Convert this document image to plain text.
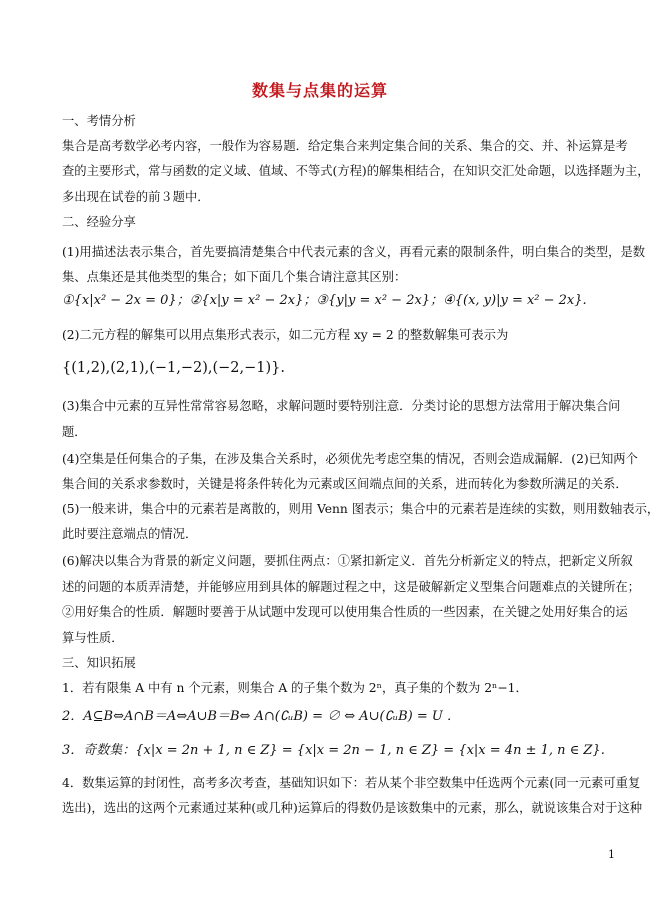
数集与点集的运算
一、考情分析
集合是高考数学必考内容，一般作为容易题．给定集合来判定集合间的关系、集合的交、并、补运算是考
查的主要形式，常与函数的定义域、值域、不等式(方程)的解集相结合，在知识交汇处命题，以选择题为主，
多出现在试卷的前３题中．
二、经验分享
(1)用描述法表示集合，首先要搞清楚集合中代表元素的含义，再看元素的限制条件，明白集合的类型，是数
集、点集还是其他类型的集合；如下面几个集合请注意其区别：
①{x|x² − 2x = 0}；②{x|y = x² − 2x}；③{y|y = x² − 2x}；④{(x, y)|y = x² − 2x}.
(2)二元方程的解集可以用点集形式表示，如二元方程 xy = 2 的整数解集可表示为
{(1,2),(2,1),(−1,−2),(−2,−1)}.
(3)集合中元素的互异性常常容易忽略，求解问题时要特别注意．分类讨论的思想方法常用于解决集合问
题．
(4)空集是任何集合的子集，在涉及集合关系时，必须优先考虑空集的情况，否则会造成漏解．(2)已知两个
集合间的关系求参数时，关键是将条件转化为元素或区间端点间的关系，进而转化为参数所满足的关系．
(5)一般来讲，集合中的元素若是离散的，则用 Venn 图表示；集合中的元素若是连续的实数，则用数轴表示，
此时要注意端点的情况．
(6)解决以集合为背景的新定义问题，要抓住两点：①紧扣新定义．首先分析新定义的特点，把新定义所叙
述的问题的本质弄清楚，并能够应用到具体的解题过程之中，这是破解新定义型集合问题难点的关键所在；
②用好集合的性质．解题时要善于从试题中发现可以使用集合性质的一些因素，在关键之处用好集合的运
算与性质．
三、知识拓展
1．若有限集 A 中有 n 个元素，则集合 A 的子集个数为 2ⁿ，真子集的个数为 2ⁿ−1．
2．A⊆B⇔A∩B＝A⇔A∪B＝B⇔ A∩(∁ᵤB) = ∅ ⇔ A∪(∁ᵤB) = U ．
3．奇数集：{x|x = 2n + 1, n ∈ Z} = {x|x = 2n − 1, n ∈ Z} = {x|x = 4n ± 1, n ∈ Z}.
4．数集运算的封闭性，高考多次考查，基础知识如下：若从某个非空数集中任选两个元素(同一元素可重复
选出)，选出的这两个元素通过某种(或几种)运算后的得数仍是该数集中的元素，那么，就说该集合对于这种
1
